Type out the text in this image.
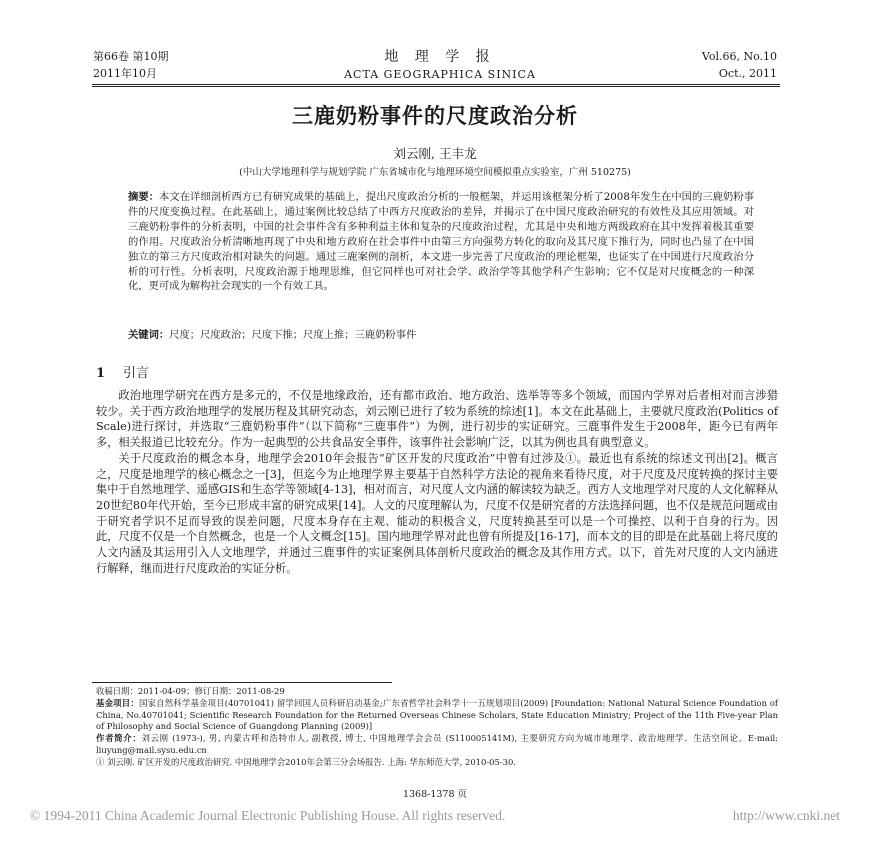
第66卷 第10期
2011年10月
地 理 学 报
ACTA GEOGRAPHICA SINICA
Vol.66, No.10
Oct., 2011
三鹿奶粉事件的尺度政治分析
刘云刚, 王丰龙
(中山大学地理科学与规划学院 广东省城市化与地理环境空间模拟重点实验室，广州 510275)
摘要：本文在详细剖析西方已有研究成果的基础上，提出尺度政治分析的一般框架，并运用该框架分析了2008年发生在中国的三鹿奶粉事件的尺度变换过程。在此基础上，通过案例比较总结了中西方尺度政治的差异，并揭示了在中国尺度政治研究的有效性及其应用领域。对三鹿奶粉事件的分析表明，中国的社会事件含有多种利益主体和复杂的尺度政治过程，尤其是中央和地方两级政府在其中发挥着极其重要的作用。尺度政治分析清晰地再现了中央和地方政府在社会事件中由第三方向强势方转化的取向及其尺度下推行为，同时也凸显了在中国独立的第三方尺度政治相对缺失的问题。通过三鹿案例的剖析，本文进一步完善了尺度政治的理论框架，也证实了在中国进行尺度政治分析的可行性。分析表明，尺度政治源于地理思维，但它同样也可对社会学、政治学等其他学科产生影响；它不仅是对尺度概念的一种深化，更可成为解构社会现实的一个有效工具。
关键词：尺度；尺度政治；尺度下推；尺度上推；三鹿奶粉事件
1 引言

政治地理学研究在西方是多元的，不仅是地缘政治，还有都市政治、地方政治、选举等等多个领域，而国内学界对后者相对而言涉猎较少。关于西方政治地理学的发展历程及其研究动态，刘云刚已进行了较为系统的综述[1]。本文在此基础上，主要就尺度政治(Politics of Scale)进行探讨，并选取“三鹿奶粉事件”（以下简称“三鹿事件”）为例，进行初步的实证研究。三鹿事件发生于2008年，距今已有两年多，相关报道已比较充分。作为一起典型的公共食品安全事件，该事件社会影响广泛，以其为例也具有典型意义。

关于尺度政治的概念本身，地理学会2010年会报告“矿区开发的尺度政治”中曾有过涉及①。最近也有系统的综述文刊出[2]。概言之，尺度是地理学的核心概念之一[3]，但迄今为止地理学界主要基于自然科学方法论的视角来看待尺度，对于尺度及尺度转换的探讨主要集中于自然地理学、遥感GIS和生态学等领域[4-13]，相对而言，对尺度人文内涵的解读较为缺乏。西方人文地理学对尺度的人文化解释从20世纪80年代开始，至今已形成丰富的研究成果[14]。人文的尺度理解认为，尺度不仅是研究者的方法选择问题，也不仅是规范问题或由于研究者学识不足而导致的误差问题，尺度本身存在主观、能动的积极含义，尺度转换甚至可以是一个可操控、以利于自身的行为。因此，尺度不仅是一个自然概念，也是一个人文概念[15]。国内地理学界对此也曾有所提及[16-17]，而本文的目的即是在此基础上将尺度的人文内涵及其运用引入人文地理学，并通过三鹿事件的实证案例具体剖析尺度政治的概念及其作用方式。以下，首先对尺度的人文内涵进行解释，继而进行尺度政治的实证分析。

收稿日期：2011-04-09；修订日期：2011-08-29

基金项目：国家自然科学基金项目(40701041) 留学回国人员科研启动基金;广东省哲学社会科学十一五规划项目(2009) [Foundation: National Natural Science Foundation of China, No.40701041; Scientific Research Foundation for the Returned Overseas Chinese Scholars, State Education Ministry; Project of the 11th Five-year Plan of Philosophy and Social Science of Guangdong Planning (2009)]

作者简介：刘云刚 (1973-), 男, 内蒙古呼和浩特市人, 副教授, 博士, 中国地理学会会员 (S110005141M), 主要研究方向为城市地理学、政治地理学、生活空间论。E-mail: liuyung@mail.sysu.edu.cn

① 刘云刚. 矿区开发的尺度政治研究. 中国地理学会2010年会第三分会场报告. 上海: 华东师范大学, 2010-05-30.

1368-1378 页
© 1994-2011 China Academic Journal Electronic Publishing House. All rights reserved.	http://www.cnki.net
